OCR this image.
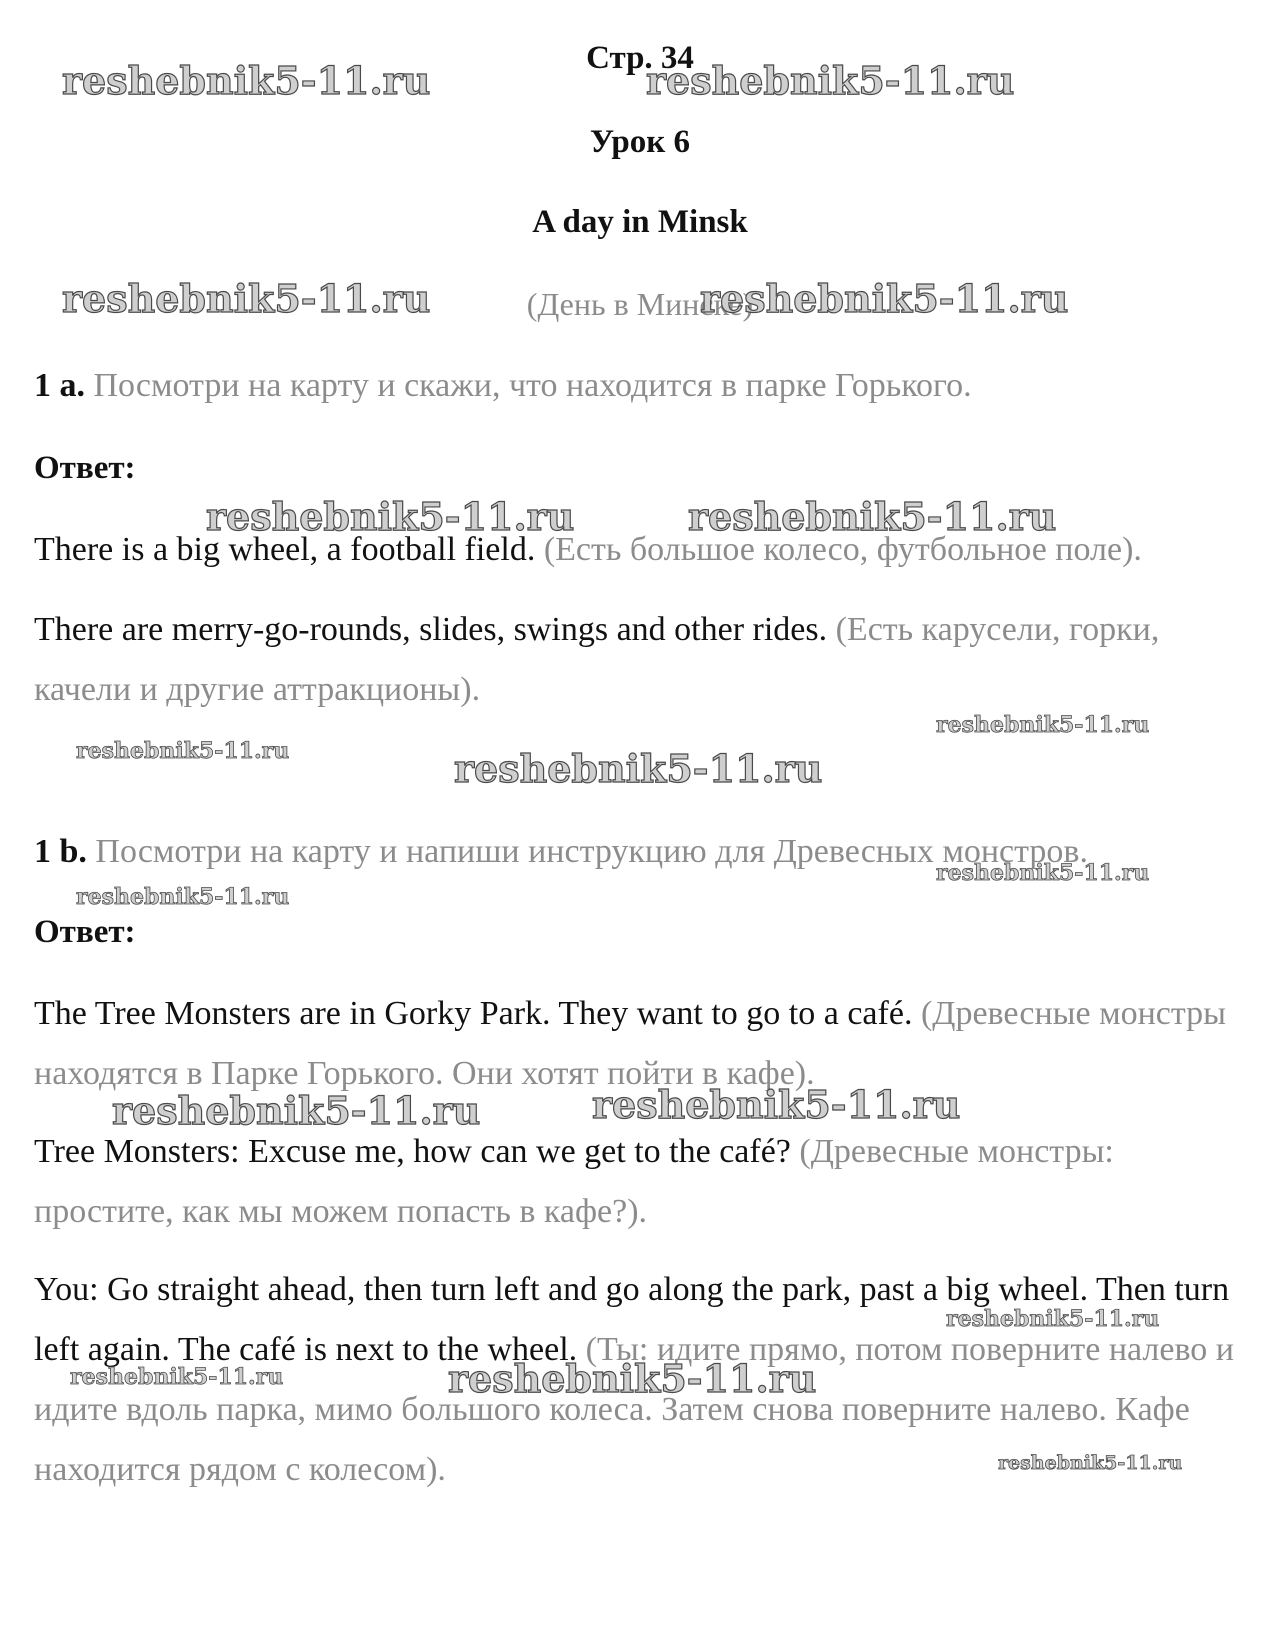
Стр. 34
Урок 6
A day in Minsk
(День в Минске)

1 a. Посмотри на карту и скажи, что находится в парке Горького.

Ответ:

There is a big wheel, a football field. (Есть большое колесо, футбольное поле).

There are merry-go-rounds, slides, swings and other rides. (Есть карусели, горки, качели и другие аттракционы).

1 b. Посмотри на карту и напиши инструкцию для Древесных монстров.

Ответ:

The Tree Monsters are in Gorky Park. They want to go to a café. (Древесные монстры находятся в Парке Горького. Они хотят пойти в кафе).

Tree Monsters: Excuse me, how can we get to the café? (Древесные монстры: простите, как мы можем попасть в кафе?).

You: Go straight ahead, then turn left and go along the park, past a big wheel. Then turn left again. The café is next to the wheel. (Ты: идите прямо, потом поверните налево и идите вдоль парка, мимо большого колеса. Затем снова поверните налево. Кафе находится рядом с колесом).

reshebnik5-11.ru	reshebnik5-11.ru
reshebnik5-11.ru	reshebnik5-11.ru
reshebnik5-11.ru	reshebnik5-11.ru
reshebnik5-11.ru
reshebnik5-11.ru	reshebnik5-11.ru
reshebnik5-11.ru
reshebnik5-11.ru
reshebnik5-11.ru	reshebnik5-11.ru
reshebnik5-11.ru
reshebnik5-11.ru	reshebnik5-11.ru
reshebnik5-11.ru
